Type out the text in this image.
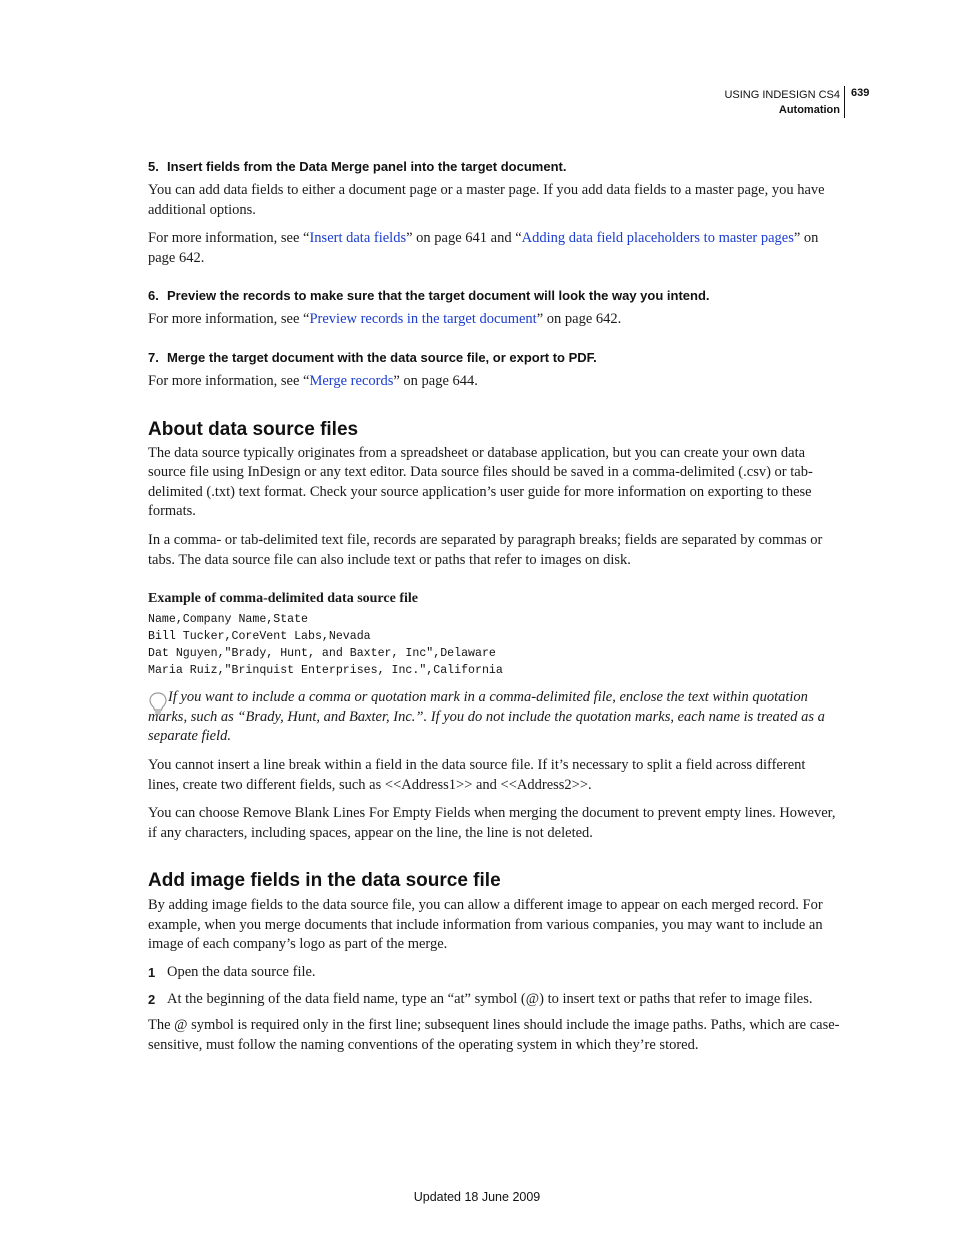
USING INDESIGN CS4
Automation
639
5. Insert fields from the Data Merge panel into the target document.

You can add data fields to either a document page or a master page. If you add data fields to a master page, you have additional options.

For more information, see “Insert data fields” on page 641 and “Adding data field placeholders to master pages” on page 642.

6. Preview the records to make sure that the target document will look the way you intend.

For more information, see “Preview records in the target document” on page 642.

7. Merge the target document with the data source file, or export to PDF.

For more information, see “Merge records” on page 644.

About data source files

The data source typically originates from a spreadsheet or database application, but you can create your own data source file using InDesign or any text editor. Data source files should be saved in a comma-delimited (.csv) or tab-delimited (.txt) text format. Check your source application’s user guide for more information on exporting to these formats.

In a comma- or tab-delimited text file, records are separated by paragraph breaks; fields are separated by commas or tabs. The data source file can also include text or paths that refer to images on disk.

Example of comma-delimited data source file

Name,Company Name,State
Bill Tucker,CoreVent Labs,Nevada
Dat Nguyen,"Brady, Hunt, and Baxter, Inc",Delaware
Maria Ruiz,"Brinquist Enterprises, Inc.",California

If you want to include a comma or quotation mark in a comma-delimited file, enclose the text within quotation marks, such as “Brady, Hunt, and Baxter, Inc.”. If you do not include the quotation marks, each name is treated as a separate field.

You cannot insert a line break within a field in the data source file. If it’s necessary to split a field across different lines, create two different fields, such as <<Address1>> and <<Address2>>.

You can choose Remove Blank Lines For Empty Fields when merging the document to prevent empty lines. However, if any characters, including spaces, appear on the line, the line is not deleted.

Add image fields in the data source file

By adding image fields to the data source file, you can allow a different image to appear on each merged record. For example, when you merge documents that include information from various companies, you may want to include an image of each company’s logo as part of the merge.

1 Open the data source file.
2 At the beginning of the data field name, type an “at” symbol (@) to insert text or paths that refer to image files.

The @ symbol is required only in the first line; subsequent lines should include the image paths. Paths, which are case-sensitive, must follow the naming conventions of the operating system in which they’re stored.

Updated 18 June 2009
